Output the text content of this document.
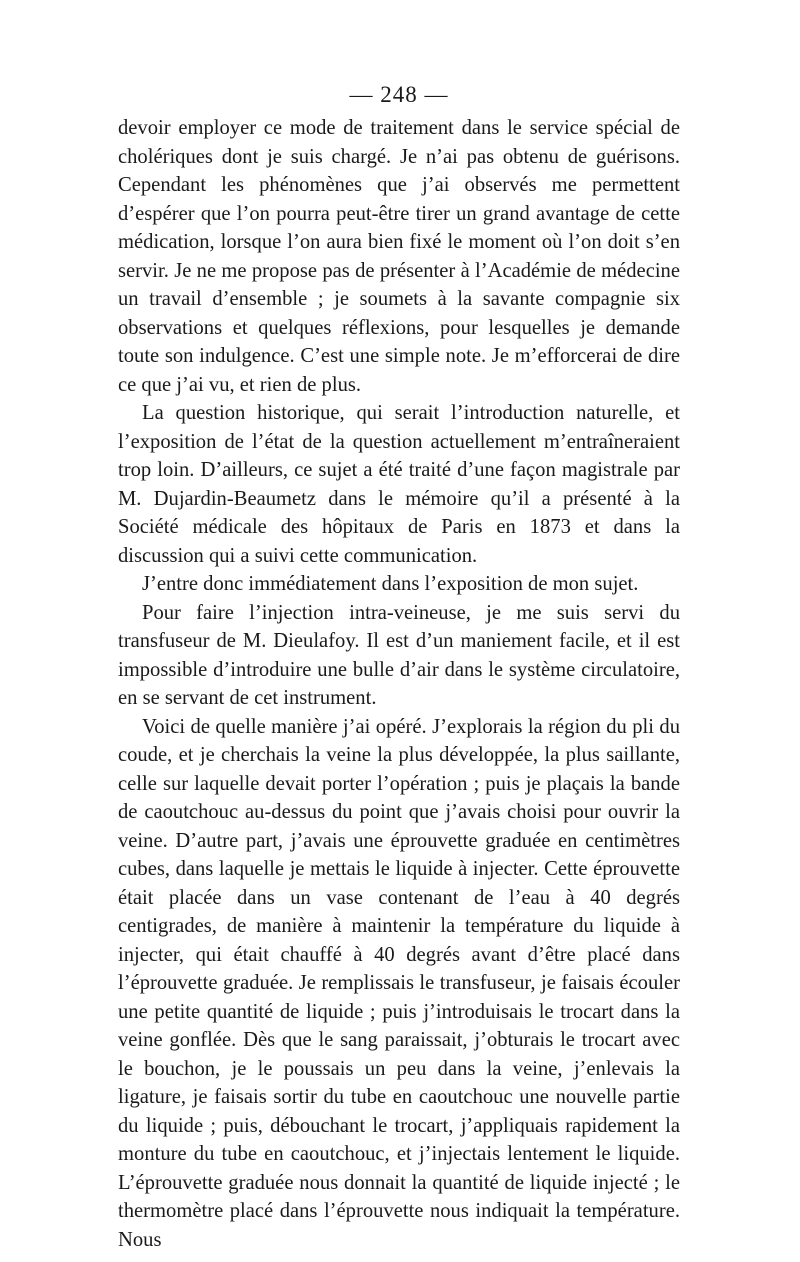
— 248 —

devoir employer ce mode de traitement dans le service spécial de cholériques dont je suis chargé. Je n’ai pas obtenu de guérisons. Cependant les phénomènes que j’ai observés me permettent d’espérer que l’on pourra peut-être tirer un grand avantage de cette médication, lorsque l’on aura bien fixé le moment où l’on doit s’en servir. Je ne me propose pas de présenter à l’Académie de médecine un travail d’ensemble ; je soumets à la savante compagnie six observations et quelques réflexions, pour lesquelles je demande toute son indulgence. C’est une simple note. Je m’efforcerai de dire ce que j’ai vu, et rien de plus.

La question historique, qui serait l’introduction naturelle, et l’exposition de l’état de la question actuellement m’entraîneraient trop loin. D’ailleurs, ce sujet a été traité d’une façon magistrale par M. Dujardin-Beaumetz dans le mémoire qu’il a présenté à la Société médicale des hôpitaux de Paris en 1873 et dans la discussion qui a suivi cette communication.

J’entre donc immédiatement dans l’exposition de mon sujet.

Pour faire l’injection intra-veineuse, je me suis servi du transfuseur de M. Dieulafoy. Il est d’un maniement facile, et il est impossible d’introduire une bulle d’air dans le système circulatoire, en se servant de cet instrument.

Voici de quelle manière j’ai opéré. J’explorais la région du pli du coude, et je cherchais la veine la plus développée, la plus saillante, celle sur laquelle devait porter l’opération ; puis je plaçais la bande de caoutchouc au-dessus du point que j’avais choisi pour ouvrir la veine. D’autre part, j’avais une éprouvette graduée en centimètres cubes, dans laquelle je mettais le liquide à injecter. Cette éprouvette était placée dans un vase contenant de l’eau à 40 degrés centigrades, de manière à maintenir la température du liquide à injecter, qui était chauffé à 40 degrés avant d’être placé dans l’éprouvette graduée. Je remplissais le transfuseur, je faisais écouler une petite quantité de liquide ; puis j’introduisais le trocart dans la veine gonflée. Dès que le sang paraissait, j’obturais le trocart avec le bouchon, je le poussais un peu dans la veine, j’enlevais la ligature, je faisais sortir du tube en caoutchouc une nouvelle partie du liquide ; puis, débouchant le trocart, j’appliquais rapidement la monture du tube en caoutchouc, et j’injectais lentement le liquide. L’éprouvette graduée nous donnait la quantité de liquide injecté ; le thermomètre placé dans l’éprouvette nous indiquait la température. Nous
